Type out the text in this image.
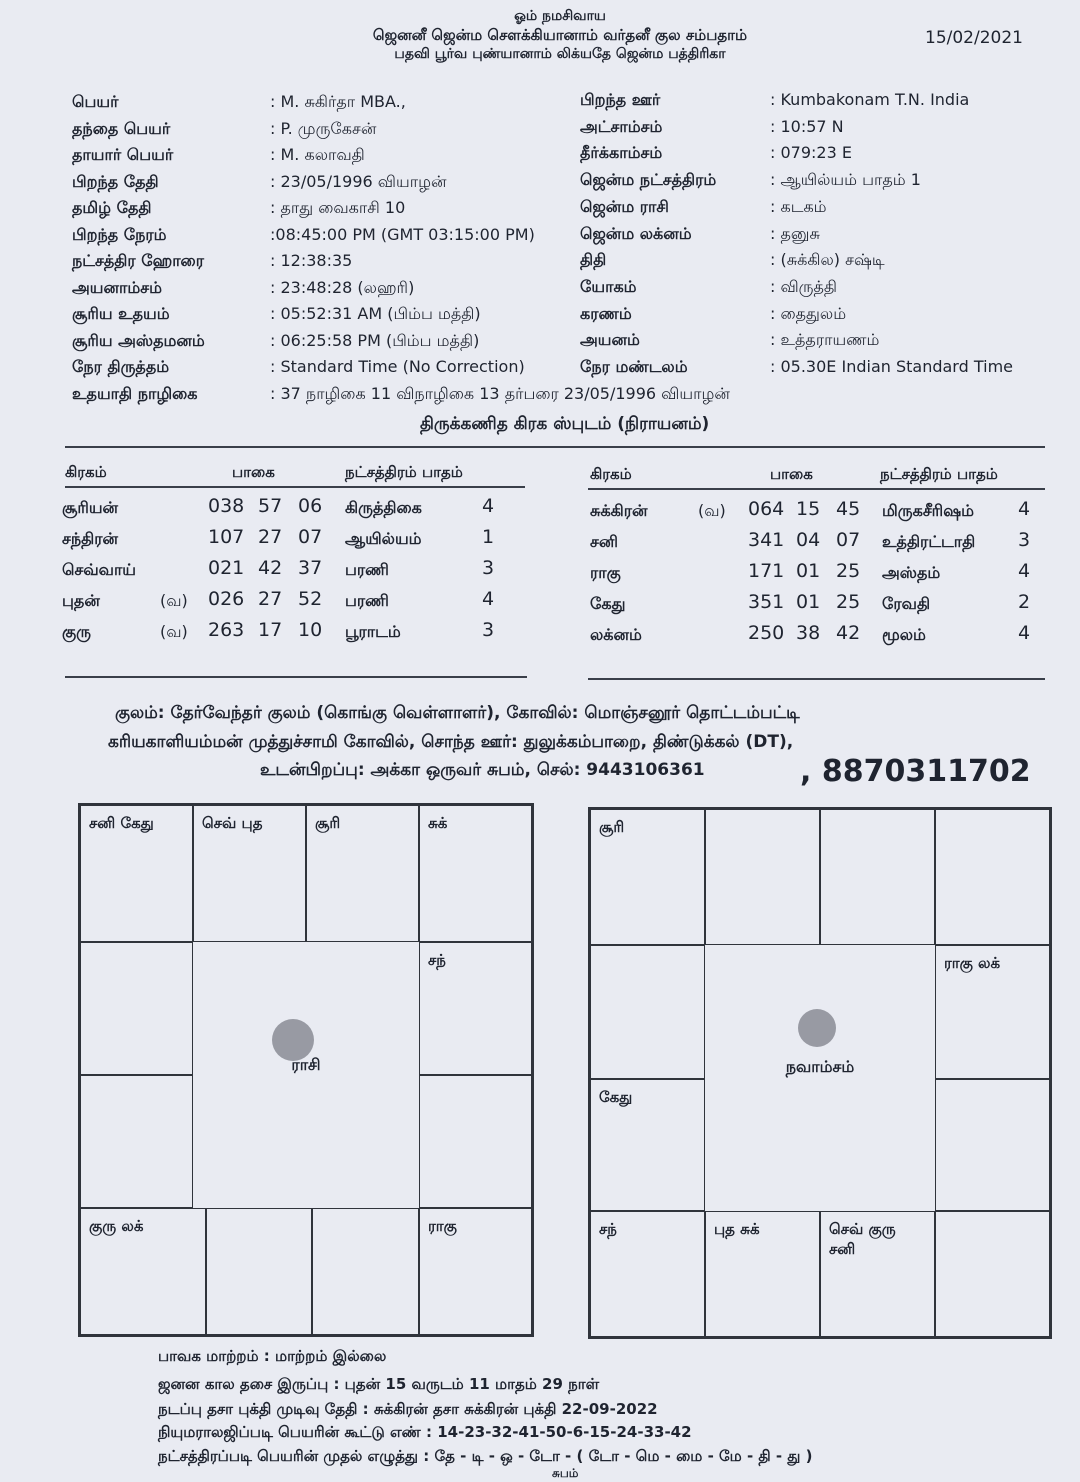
ஓம் நமசிவாய
ஜெனனீ ஜென்ம சௌக்கியானாம் வர்தனீ குல சம்பதாம்
பதவி பூர்வ புண்யானாம் லிக்யதே ஜென்ம பத்திரிகா
15/02/2021
பெயர்	: M. சுகிர்தா MBA.,
தந்தை பெயர்	: P. முருகேசன்
தாயார் பெயர்	: M. கலாவதி
பிறந்த தேதி	: 23/05/1996 வியாழன்
தமிழ் தேதி	: தாது வைகாசி 10
பிறந்த நேரம்	:08:45:00 PM (GMT 03:15:00 PM)
நட்சத்திர ஹோரை	: 12:38:35
அயனாம்சம்	: 23:48:28 (லஹரி)
சூரிய உதயம்	: 05:52:31 AM (பிம்ப மத்தி)
சூரிய அஸ்தமனம்	: 06:25:58 PM (பிம்ப மத்தி)
நேர திருத்தம்	: Standard Time (No Correction)
உதயாதி நாழிகை	: 37 நாழிகை 11 விநாழிகை 13 தர்பரை 23/05/1996 வியாழன்
பிறந்த ஊர்	: Kumbakonam T.N. India
அட்சாம்சம்	: 10:57 N
தீர்க்காம்சம்	: 079:23 E
ஜென்ம நட்சத்திரம்	: ஆயில்யம் பாதம் 1
ஜென்ம ராசி	: கடகம்
ஜென்ம லக்னம்	: தனுசு
திதி	: (சுக்கில) சஷ்டி
யோகம்	: விருத்தி
கரணம்	: தைதுலம்
அயனம்	: உத்தராயணம்
நேர மண்டலம்	: 05.30E Indian Standard Time
திருக்கணித கிரக ஸ்புடம் (நிராயனம்)
கிரகம்	பாகை	நட்சத்திரம் பாதம்	கிரகம்	பாகை	நட்சத்திரம் பாதம்
சூரியன்	038 57 06 கிருத்திகை	4
சந்திரன்	107 27 07 ஆயில்யம்	1
செவ்வாய்	021 42 37 பரணி	3
புதன்	(வ) 026 27 52 பரணி	4
குரு	(வ) 263 17 10 பூராடம்	3
சுக்கிரன்	(வ) 064 15 45 மிருகசீரிஷம் 4
சனி	341 04 07 உத்திரட்டாதி 3
ராகு	171 01 25 அஸ்தம்	4
கேது	351 01 25 ரேவதி	2
லக்னம்	250 38 42 மூலம்	4
குலம்: தேர்வேந்தர் குலம் (கொங்கு வெள்ளாளர்), கோவில்: மொஞ்சனூர் தொட்டம்பட்டி
கரியகாளியம்மன் முத்துச்சாமி கோவில், சொந்த ஊர்: துலுக்கம்பாறை, திண்டுக்கல் (DT),
உடன்பிறப்பு: அக்கா ஒருவர் சுபம், செல்: 9443106361	, 8870311702
சனி கேது	செவ் புத	சூரி	சுக்
சந்
குரு லக்	ராகு
ராசி
சூரி
ராகு லக்
கேது
சந்	புத சுக்	செவ் குரு
சனி
நவாம்சம்
பாவக மாற்றம் : மாற்றம் இல்லை
ஜனன கால தசை இருப்பு : புதன் 15 வருடம் 11 மாதம் 29 நாள்
நடப்பு தசா புக்தி முடிவு தேதி : சுக்கிரன் தசா சுக்கிரன் புக்தி 22-09-2022
நியுமராலஜிப்படி பெயரின் கூட்டு எண் : 14-23-32-41-50-6-15-24-33-42
நட்சத்திரப்படி பெயரின் முதல் எழுத்து : தே - டி - ஒ - டோ - ( டோ - மெ - மை - மே - தி - து )
சுபம்
